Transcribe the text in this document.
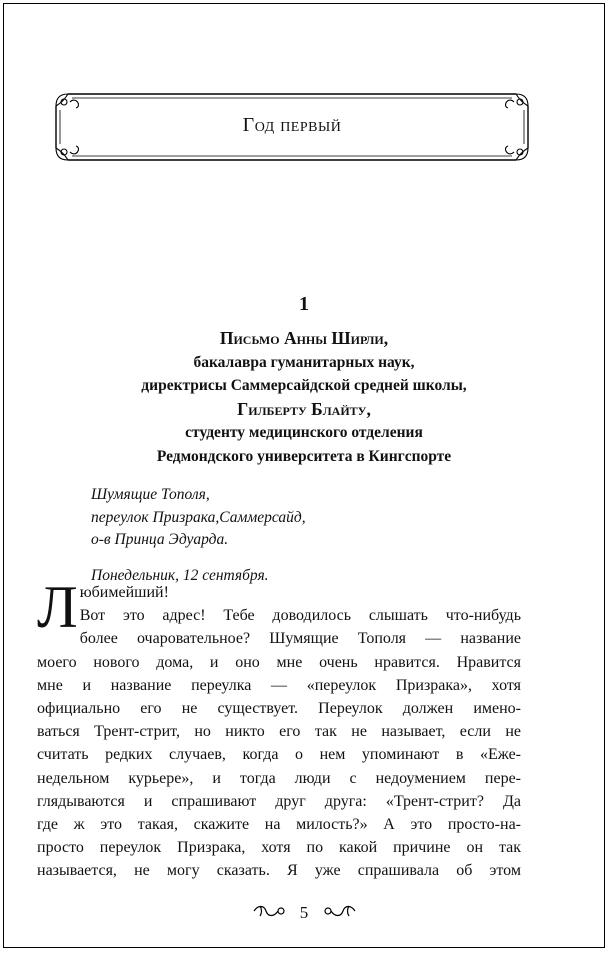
Год первый
1
Письмо Анны Ширли,
бакалавра гуманитарных наук,
директрисы Саммерсайдской средней школы,
Гилберту Блайту,
студенту медицинского отделения
Редмондского университета в Кингспорте
Шумящие Тополя,
переулок Призрака,Саммерсайд,
о-в Принца Эдуарда.
Понедельник, 12 сентября.
Л юбимейший!
Вот это адрес! Тебе доводилось слышать что-нибудь
более очаровательное? Шумящие Тополя — название
моего нового дома, и оно мне очень нравится. Нравится
мне и название переулка — «переулок Призрака», хотя
официально его не существует. Переулок должен имено-
ваться Трент-стрит, но никто его так не называет, если не
считать редких случаев, когда о нем упоминают в «Еже-
недельном курьере», и тогда люди с недоумением пере-
глядываются и спрашивают друг друга: «Трент-стрит? Да
где ж это такая, скажите на милость?» А это просто-на-
просто переулок Призрака, хотя по какой причине он так
называется, не могу сказать. Я уже спрашивала об этом
5
